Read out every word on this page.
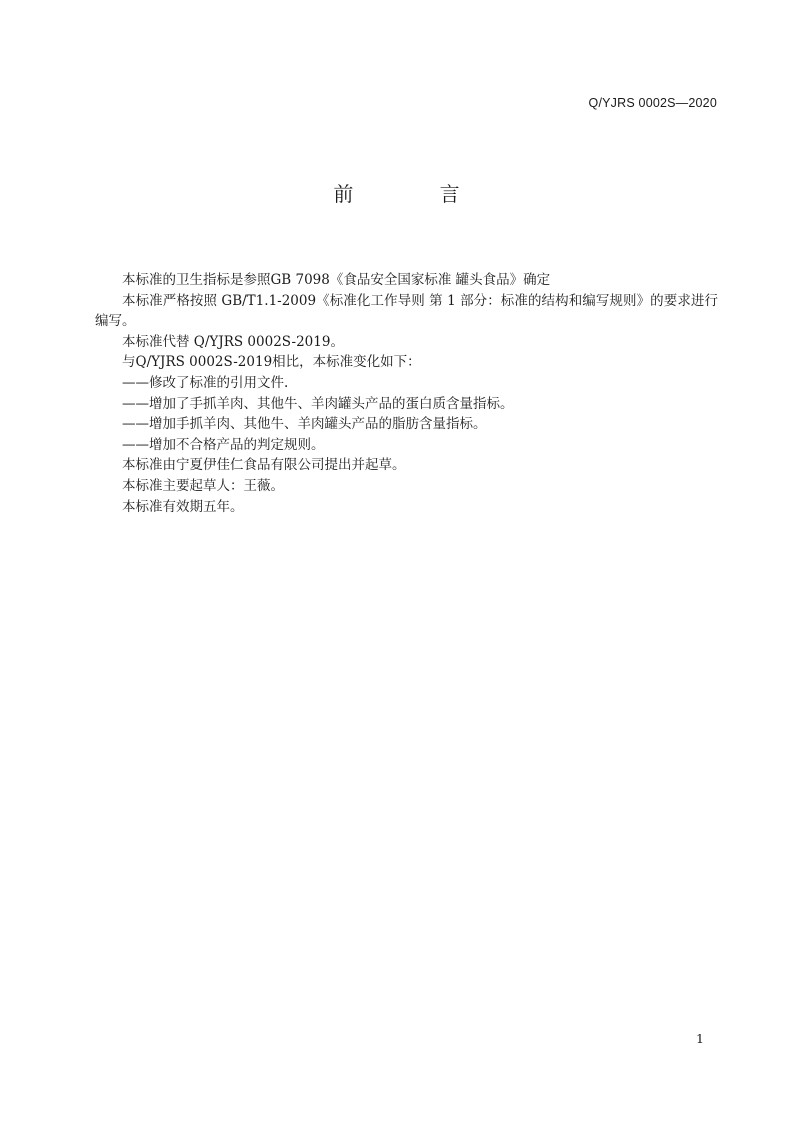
Q/YJRS 0002S—2020
前 言

本标准的卫生指标是参照GB 7098《食品安全国家标准 罐头食品》确定

本标准严格按照 GB/T1.1-2009《标准化工作导则 第 1 部分：标准的结构和编写规则》的要求进行编写。

本标准代替 Q/YJRS 0002S-2019。

与Q/YJRS 0002S-2019相比，本标准变化如下：

——修改了标准的引用文件.

——增加了手抓羊肉、其他牛、羊肉罐头产品的蛋白质含量指标。

——增加手抓羊肉、其他牛、羊肉罐头产品的脂肪含量指标。

——增加不合格产品的判定规则。

本标准由宁夏伊佳仁食品有限公司提出并起草。

本标准主要起草人：王薇。

本标准有效期五年。

1
